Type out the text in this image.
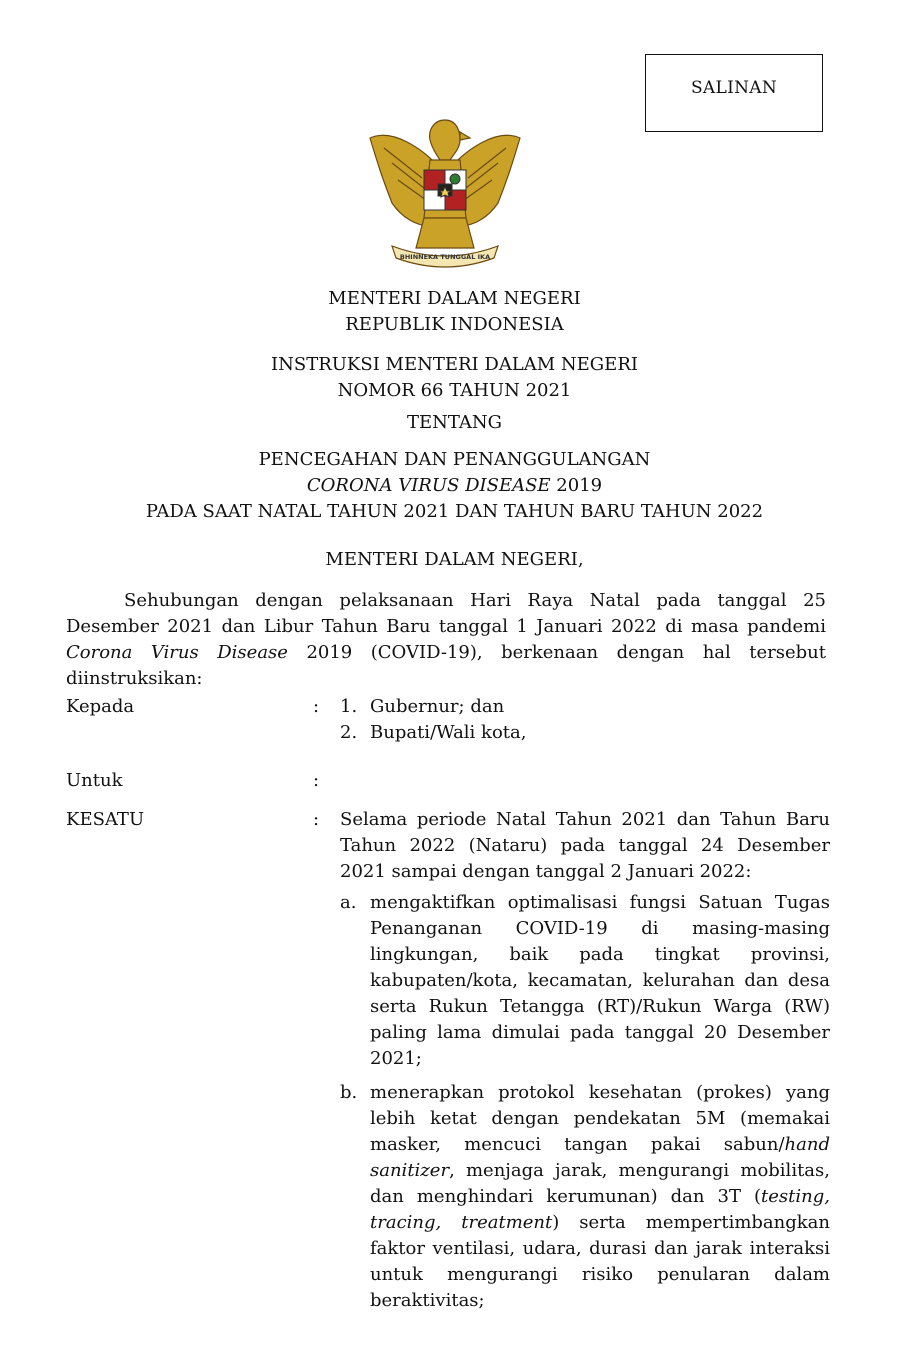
SALINAN
BHINNEKA TUNGGAL IKA
MENTERI DALAM NEGERI
REPUBLIK INDONESIA
INSTRUKSI MENTERI DALAM NEGERI
NOMOR 66 TAHUN 2021
TENTANG
PENCEGAHAN DAN PENANGGULANGAN
CORONA VIRUS DISEASE 2019
PADA SAAT NATAL TAHUN 2021 DAN TAHUN BARU TAHUN 2022
MENTERI DALAM NEGERI,
Sehubungan dengan pelaksanaan Hari Raya Natal pada tanggal 25 Desember 2021 dan Libur Tahun Baru tanggal 1 Januari 2022 di masa pandemi Corona Virus Disease 2019 (COVID-19), berkenaan dengan hal tersebut diinstruksikan:
Kepada	: 1. Gubernur; dan
2. Bupati/Wali kota,
Untuk	:
KESATU	: Selama periode Natal Tahun 2021 dan Tahun Baru Tahun 2022 (Nataru) pada tanggal 24 Desember 2021 sampai dengan tanggal 2 Januari 2022:
a. mengaktifkan optimalisasi fungsi Satuan Tugas Penanganan COVID-19 di masing-masing lingkungan, baik pada tingkat provinsi, kabupaten/kota, kecamatan, kelurahan dan desa serta Rukun Tetangga (RT)/Rukun Warga (RW) paling lama dimulai pada tanggal 20 Desember 2021;
b. menerapkan protokol kesehatan (prokes) yang lebih ketat dengan pendekatan 5M (memakai masker, mencuci tangan pakai sabun/hand sanitizer, menjaga jarak, mengurangi mobilitas, dan menghindari kerumunan) dan 3T (testing, tracing, treatment) serta mempertimbangkan faktor ventilasi, udara, durasi dan jarak interaksi untuk mengurangi risiko penularan dalam beraktivitas;
